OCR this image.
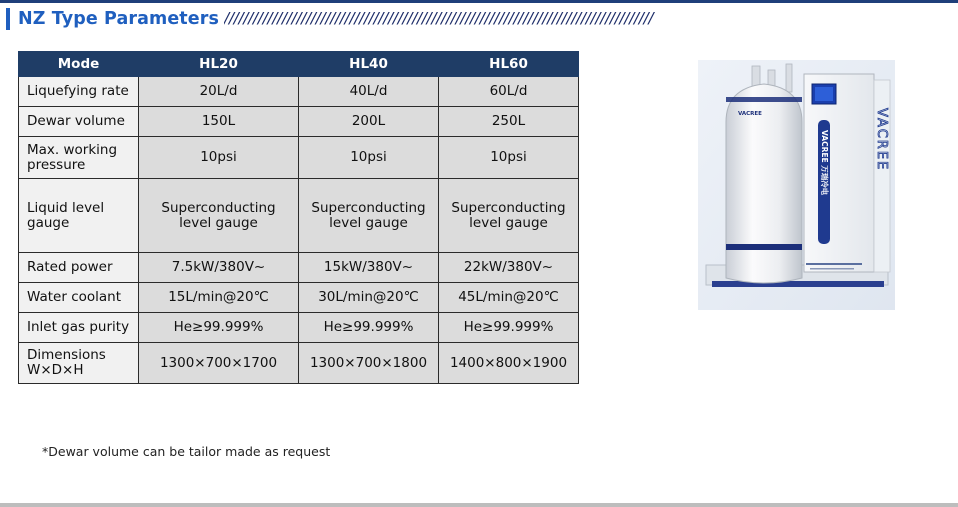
NZ Type Parameters /////////////////////////////////////////////////////////////////////////////////////////
Mode	HL20	HL40	HL60
Liquefying rate	20L/d	40L/d	60L/d
Dewar volume	150L	200L	250L
Max. working pressure	10psi	10psi	10psi
Liquid level gauge	Superconducting level gauge	Superconducting level gauge	Superconducting level gauge
Rated power	7.5kW/380V~	15kW/380V~	22kW/380V~
Water coolant	15L/min@20℃	30L/min@20℃	45L/min@20℃
Inlet gas purity	He≥99.999%	He≥99.999%	He≥99.999%
Dimensions W×D×H	1300×700×1700	1300×700×1800	1400×800×1900
*Dewar volume can be tailor made as request
VACREE
VACREE 万瑞冷电	VACREE
